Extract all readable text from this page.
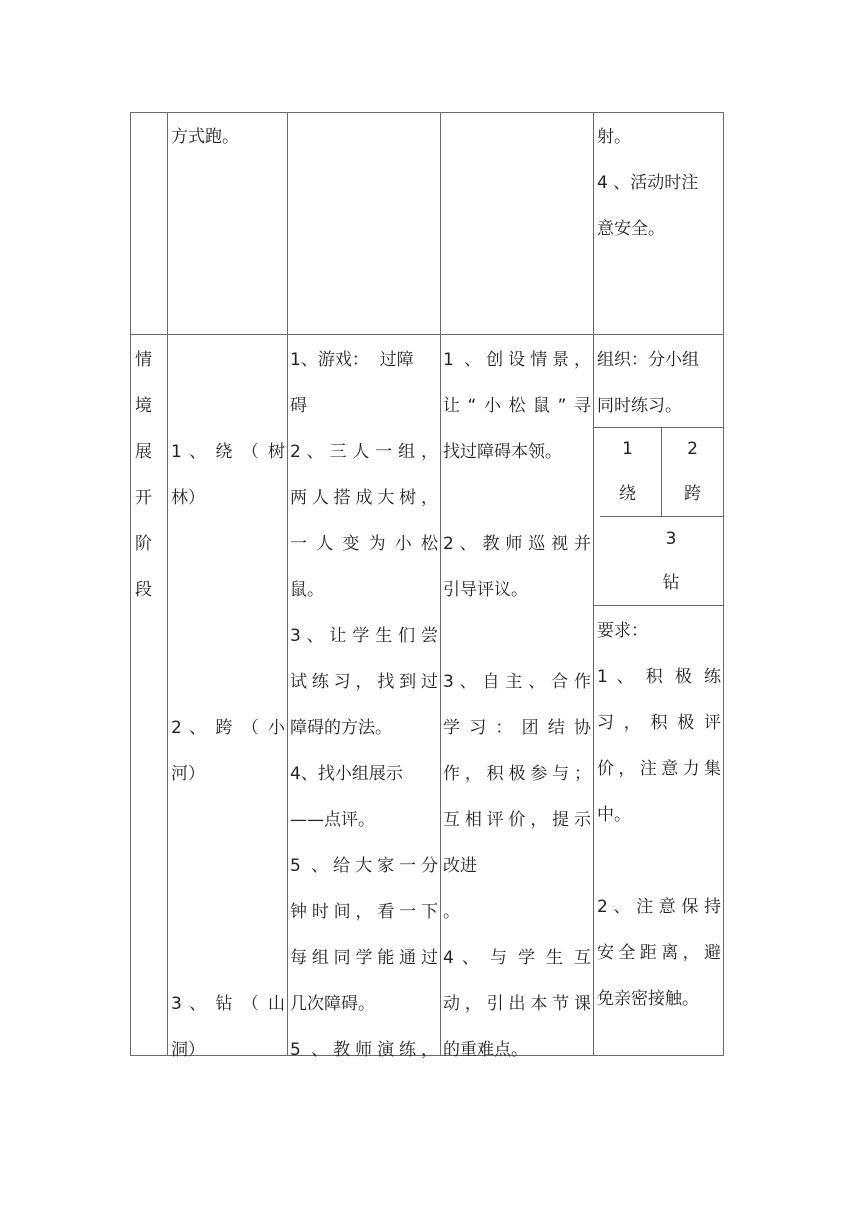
方式跑。	射。
4 、活动时注
意安全。
情
境
展
开
阶
段
1 、 绕 （ 树
林）
2 、 跨 （ 小
河）
3 、 钻 （ 山
洞）
1、游戏：  过障
碍
2、三人一组，
两人搭成大树，
一 人 变 为 小 松
鼠。
3、让学生们尝
试练习，找到过
障碍的方法。
4、找小组展示
——点评。
5 、给大家一分
钟时间，看一下
每组同学能通过
几次障碍。
5 、教师演练，
1 、创设情景，
让“小松鼠”寻
找过障碍本领。
2、教师巡视并
引导评议。
3、自主、合作
学 习 ： 团 结 协
作，积极参与；
互相评价，提示
改进
。
4 、 与 学 生 互
动，引出本节课
的重难点。
组织：分小组
同时练习。
1
绕
2
跨
3
钻
要求：
1 、 积 极 练
习 ， 积 极 评
价，注意力集
中。
2、注意保持
安全距离，避
免亲密接触。
